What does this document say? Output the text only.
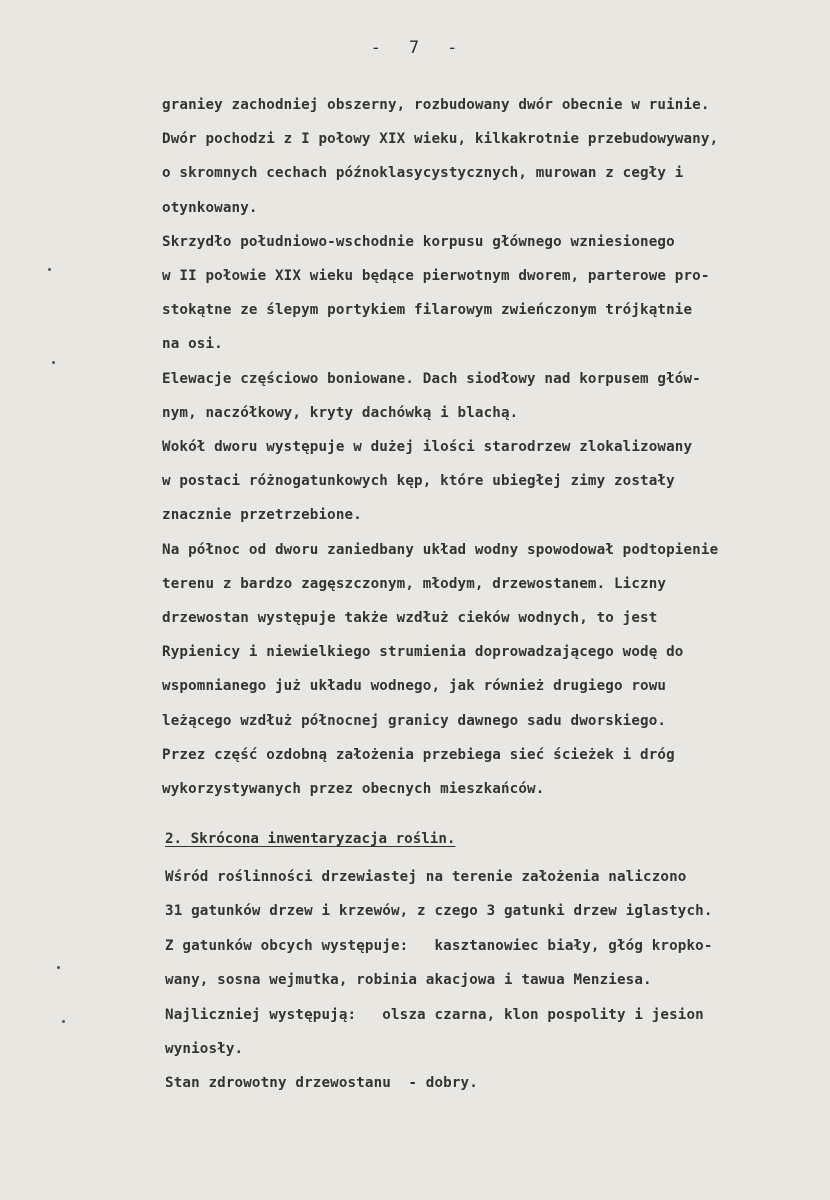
- 7 -
graniey zachodniej obszerny, rozbudowany dwór obecnie w ruinie.
Dwór pochodzi z I połowy XIX wieku, kilkakrotnie przebudowywany,
o skromnych cechach późnoklasycystycznych, murowan z cegły i
otynkowany.
Skrzydło południowo-wschodnie korpusu głównego wzniesionego
w II połowie XIX wieku będące pierwotnym dworem, parterowe pro-
stokątne ze ślepym portykiem filarowym zwieńczonym trójkątnie
na osi.
Elewacje częściowo boniowane. Dach siodłowy nad korpusem głów-
nym, naczółkowy, kryty dachówką i blachą.
Wokół dworu występuje w dużej ilości starodrzew zlokalizowany
w postaci różnogatunkowych kęp, które ubiegłej zimy zostały
znacznie przetrzebione.
Na północ od dworu zaniedbany układ wodny spowodował podtopienie
terenu z bardzo zagęszczonym, młodym, drzewostanem. Liczny
drzewostan występuje także wzdłuż cieków wodnych, to jest
Rypienicy i niewielkiego strumienia doprowadzającego wodę do
wspomnianego już układu wodnego, jak również drugiego rowu
leżącego wzdłuż północnej granicy dawnego sadu dworskiego.
Przez część ozdobną założenia przebiega sieć ścieżek i dróg
wykorzystywanych przez obecnych mieszkańców.
2. Skrócona inwentaryzacja roślin.
Wśród roślinności drzewiastej na terenie założenia naliczono
31 gatunków drzew i krzewów, z czego 3 gatunki drzew iglastych.
Z gatunków obcych występuje:   kasztanowiec biały, głóg kropko-
wany, sosna wejmutka, robinia akacjowa i tawua Menziesa.
Najliczniej występują:   olsza czarna, klon pospolity i jesion
wyniosły.
Stan zdrowotny drzewostanu  - dobry.
